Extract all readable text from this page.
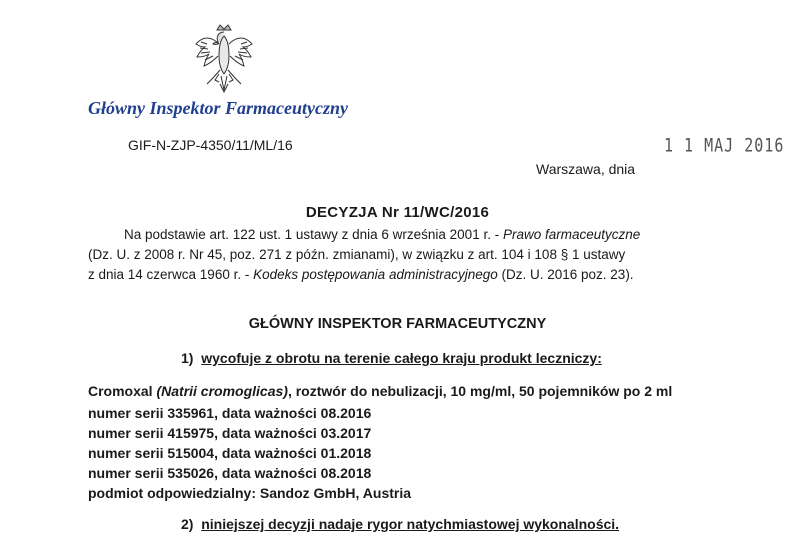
Główny Inspektor Farmaceutyczny
GIF-N-ZJP-4350/11/ML/16	1 1 MAJ 2016
Warszawa, dnia
DECYZJA Nr 11/WC/2016
Na podstawie art. 122 ust. 1 ustawy z dnia 6 września 2001 r. - Prawo farmaceutyczne
(Dz. U. z 2008 r. Nr 45, poz. 271 z późn. zmianami), w związku z art. 104 i 108 § 1 ustawy
z dnia 14 czerwca 1960 r. - Kodeks postępowania administracyjnego (Dz. U. 2016 poz. 23).
GŁÓWNY INSPEKTOR FARMACEUTYCZNY
1) wycofuje z obrotu na terenie całego kraju produkt leczniczy:
Cromoxal (Natrii cromoglicas), roztwór do nebulizacji, 10 mg/ml, 50 pojemników po 2 ml
numer serii 335961, data ważności 08.2016
numer serii 415975, data ważności 03.2017
numer serii 515004, data ważności 01.2018
numer serii 535026, data ważności 08.2018
podmiot odpowiedzialny: Sandoz GmbH, Austria
2) niniejszej decyzji nadaje rygor natychmiastowej wykonalności.
